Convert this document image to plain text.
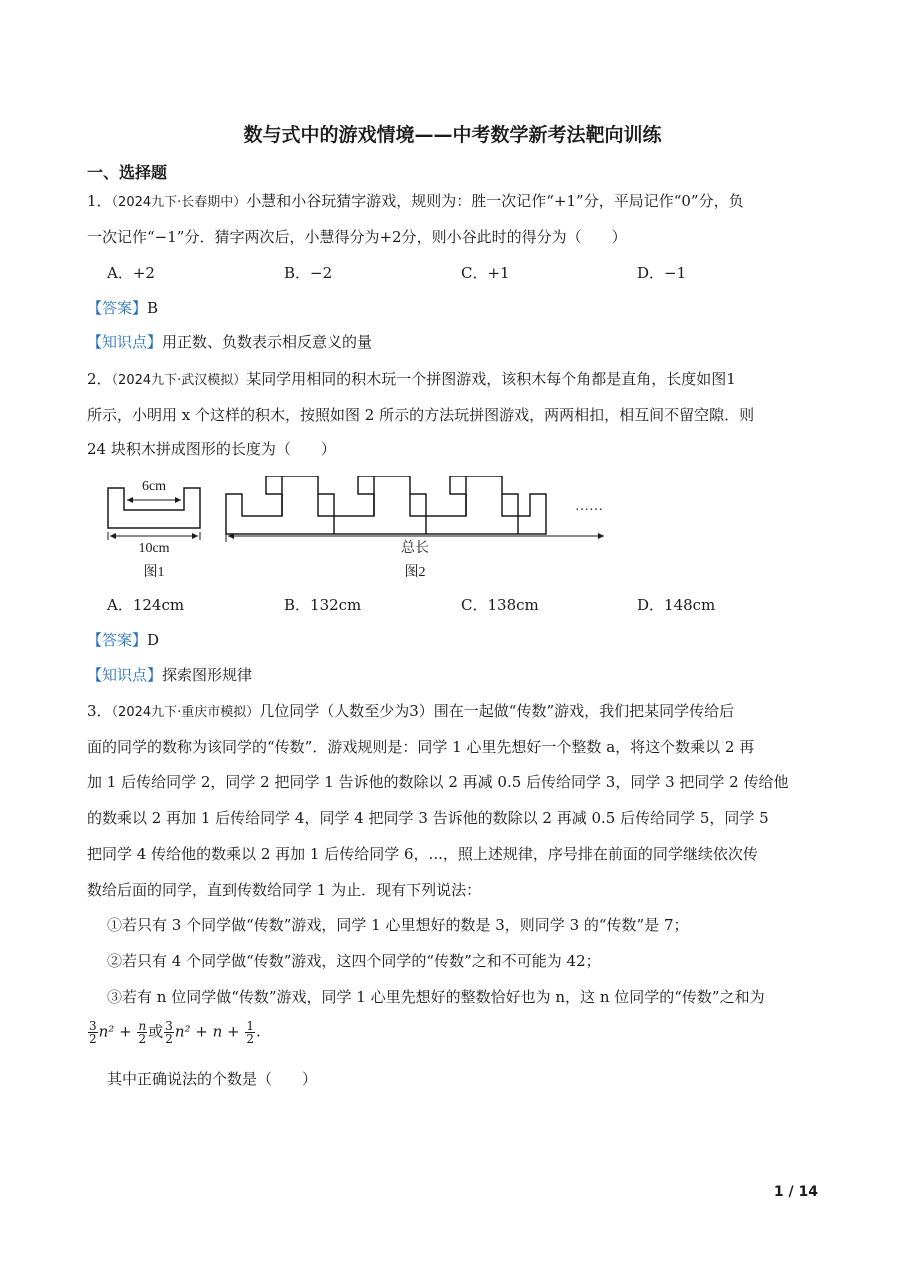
数与式中的游戏情境——中考数学新考法靶向训练
一、选择题
1．（2024九下·长春期中）小慧和小谷玩猜字游戏，规则为：胜一次记作“+1”分，平局记作“0”分，负
一次记作“−1”分．猜字两次后，小慧得分为+2分，则小谷此时的得分为（　　）
A．+2	B．−2	C．+1	D．−1
【答案】B
【知识点】用正数、负数表示相反意义的量
2．（2024九下·武汉模拟）某同学用相同的积木玩一个拼图游戏，该积木每个角都是直角，长度如图1
所示，小明用 x 个这样的积木，按照如图 2 所示的方法玩拼图游戏，两两相扣，相互间不留空隙．则
24 块积木拼成图形的长度为（　　）
6cm
10cm
图1
……
总长
图2
A．124cm	B．132cm	C．138cm	D．148cm
【答案】D
【知识点】探索图形规律
3．（2024九下·重庆市模拟）几位同学（人数至少为3）围在一起做“传数”游戏，我们把某同学传给后
面的同学的数称为该同学的“传数”．游戏规则是：同学 1 心里先想好一个整数 a，将这个数乘以 2 再
加 1 后传给同学 2，同学 2 把同学 1 告诉他的数除以 2 再减 0.5 后传给同学 3，同学 3 把同学 2 传给他
的数乘以 2 再加 1 后传给同学 4，同学 4 把同学 3 告诉他的数除以 2 再减 0.5 后传给同学 5，同学 5
把同学 4 传给他的数乘以 2 再加 1 后传给同学 6，...，照上述规律，序号排在前面的同学继续依次传
数给后面的同学，直到传数给同学 1 为止．现有下列说法：
①若只有 3 个同学做“传数”游戏，同学 1 心里想好的数是 3，则同学 3 的“传数”是 7；
②若只有 4 个同学做“传数”游戏，这四个同学的“传数”之和不可能为 42；
③若有 n 位同学做“传数”游戏，同学 1 心里先想好的整数恰好也为 n，这 n 位同学的“传数”之和为
$\frac{3}{2} n^2 + \frac{n}{2}$ 或 $\frac{3}{2} n^2 + n + \frac{1}{2}$ .
其中正确说法的个数是（　　）
1 / 14
